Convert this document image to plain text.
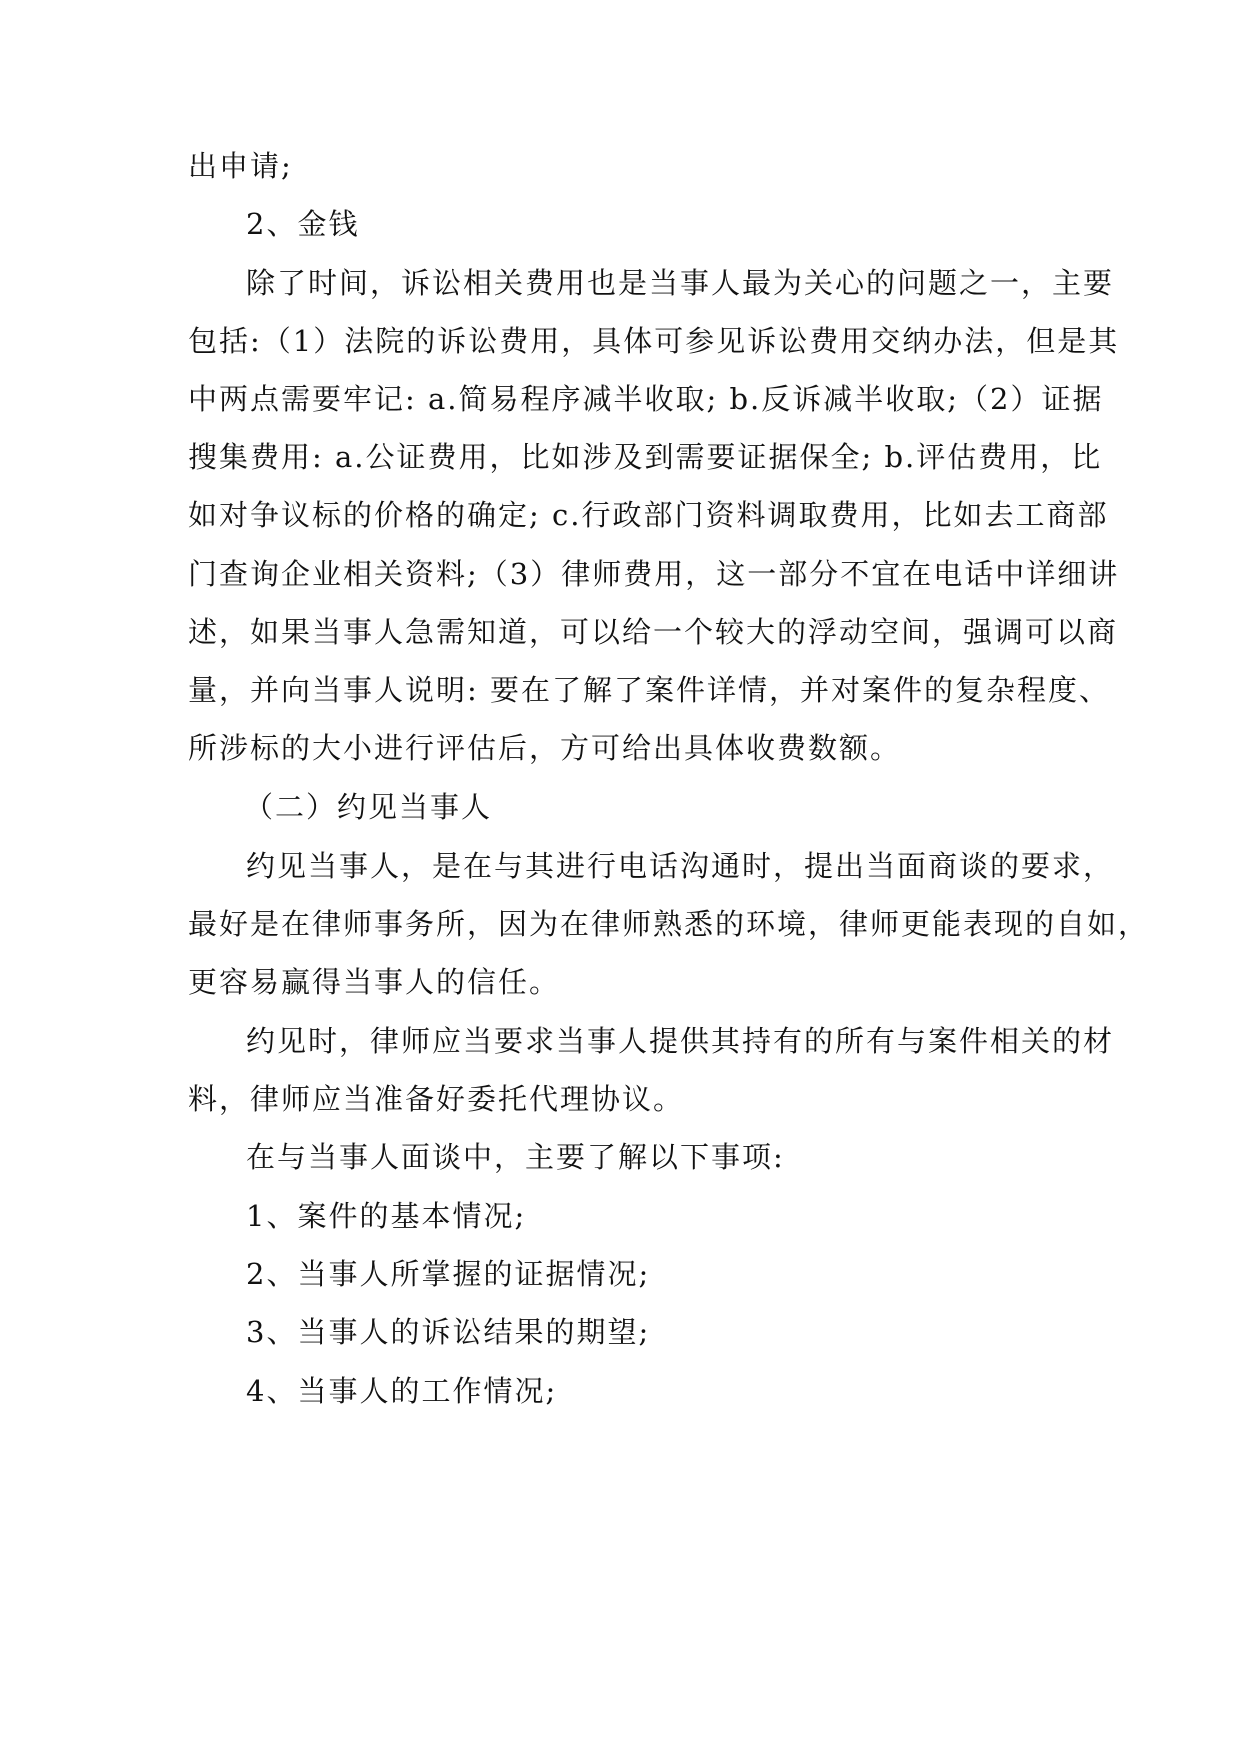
出申请;
2、金钱
除了时间，诉讼相关费用也是当事人最为关心的问题之一，主要
包括:（1）法院的诉讼费用，具体可参见诉讼费用交纳办法，但是其
中两点需要牢记: a.简易程序减半收取; b.反诉减半收取;（2）证据
搜集费用: a.公证费用，比如涉及到需要证据保全; b.评估费用，比
如对争议标的价格的确定; c.行政部门资料调取费用，比如去工商部
门查询企业相关资料;（3）律师费用，这一部分不宜在电话中详细讲
述，如果当事人急需知道，可以给一个较大的浮动空间，强调可以商
量，并向当事人说明: 要在了解了案件详情，并对案件的复杂程度、
所涉标的大小进行评估后，方可给出具体收费数额。
（二）约见当事人
约见当事人，是在与其进行电话沟通时，提出当面商谈的要求，
最好是在律师事务所，因为在律师熟悉的环境，律师更能表现的自如，
更容易赢得当事人的信任。
约见时，律师应当要求当事人提供其持有的所有与案件相关的材
料，律师应当准备好委托代理协议。
在与当事人面谈中，主要了解以下事项:
1、案件的基本情况;
2、当事人所掌握的证据情况;
3、当事人的诉讼结果的期望;
4、当事人的工作情况;
